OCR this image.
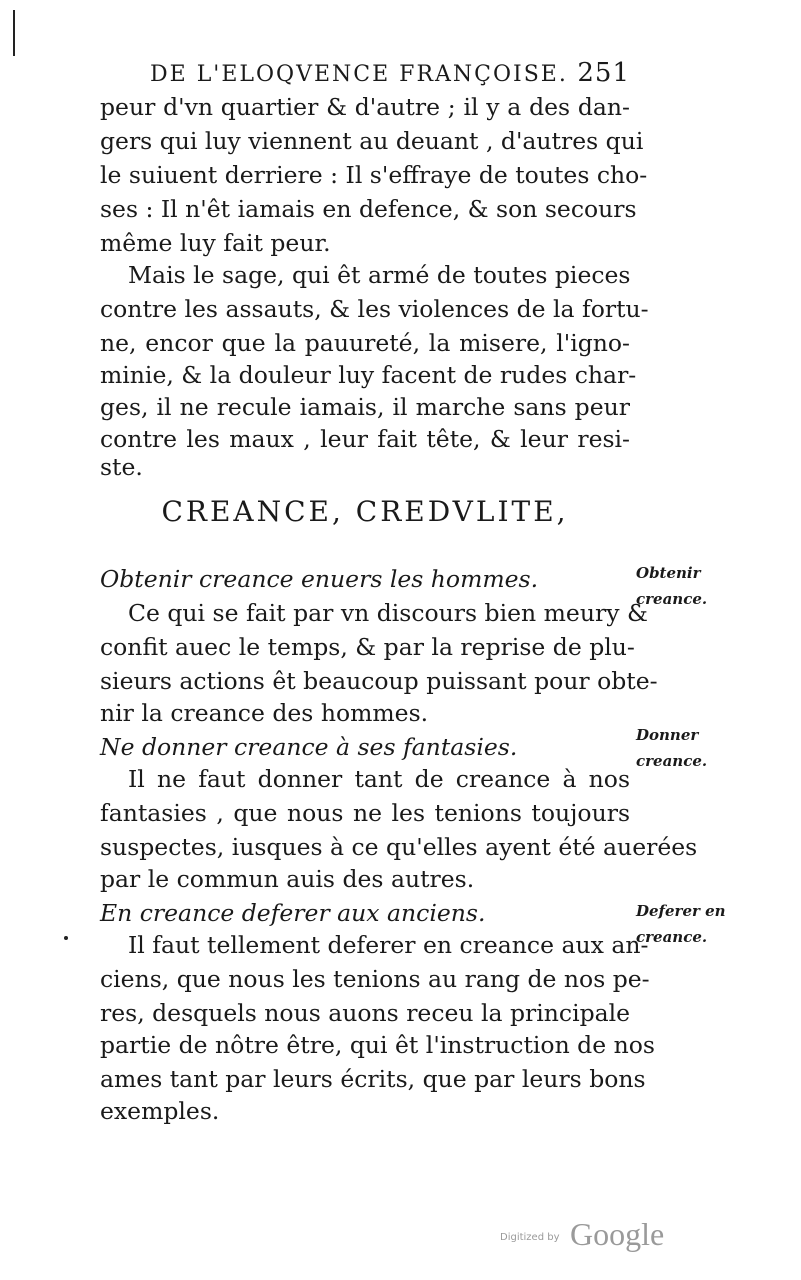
DE L'ELOQVENCE FRANÇOISE. 251
peur d'vn quartier & d'autre ; il y a des dan-
gers qui luy viennent au deuant , d'autres qui
le suiuent derriere : Il s'effraye de toutes cho-
ses : Il n'êt iamais en defence, & son secours
même luy fait peur.
Mais le sage, qui êt armé de toutes pieces
contre les assauts, & les violences de la fortu-
ne, encor que la pauureté, la misere, l'igno-
minie, & la douleur luy facent de rudes char-
ges, il ne recule iamais, il marche sans peur
contre les maux , leur fait tête, & leur resi-
ste.
CREANCE, CREDVLITE,
Obtenir creance enuers les hommes.
Ce qui se fait par vn discours bien meury &
confit auec le temps, & par la reprise de plu-
sieurs actions êt beaucoup puissant pour obte-
nir la creance des hommes.
Ne donner creance à ses fantasies.
Il ne faut donner tant de creance à nos
fantasies , que nous ne les tenions toujours
suspectes, iusques à ce qu'elles ayent été auerées
par le commun auis des autres.
En creance deferer aux anciens.
Il faut tellement deferer en creance aux an-
ciens, que nous les tenions au rang de nos pe-
res, desquels nous auons receu la principale
partie de nôtre être, qui êt l'instruction de nos
ames tant par leurs écrits, que par leurs bons
exemples.
Obtenir
creance.
Donner
creance.
Deferer en
creance.
Digitized by Google
